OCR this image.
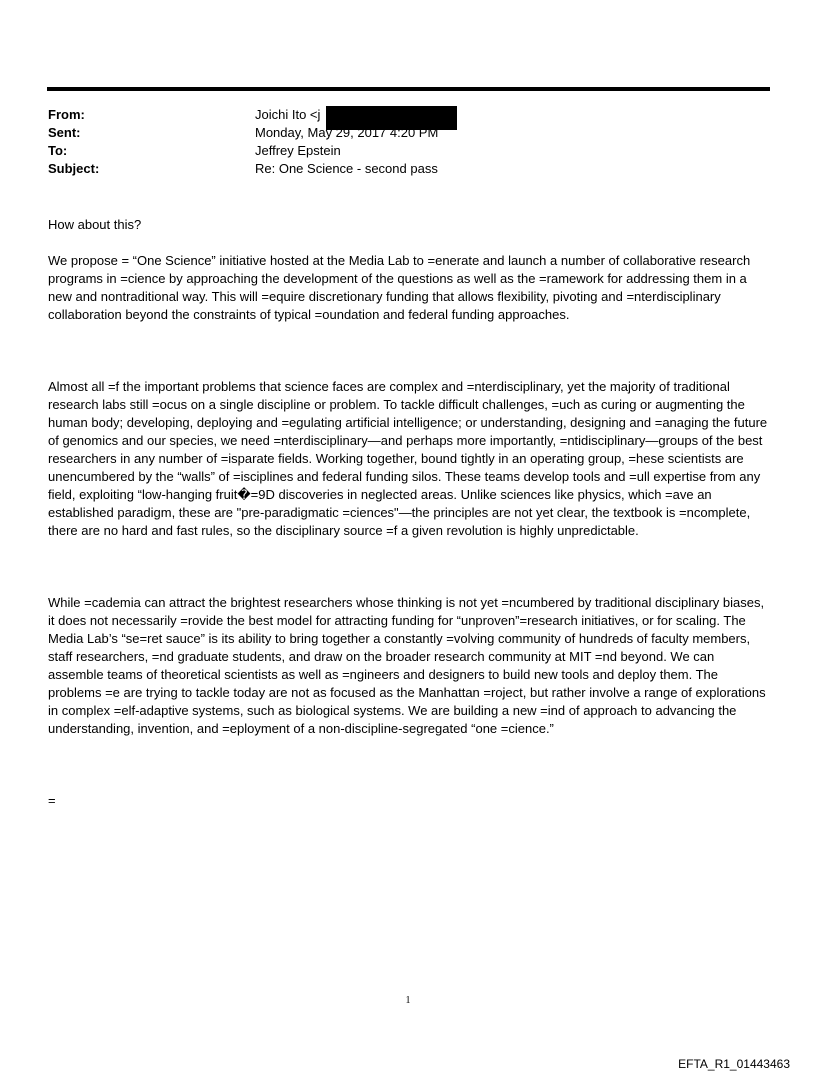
From:	Joichi Ito <j
Sent:	Monday, May 29, 2017 4:20 PM
To:	Jeffrey Epstein
Subject:	Re: One Science - second pass

How about this?

We propose = “One Science” initiative hosted at the Media Lab to =enerate and launch a number of collaborative research programs in =cience by approaching the development of the questions as well as the =ramework for addressing them in a new and nontraditional way. This will =equire discretionary funding that allows flexibility, pivoting and =nterdisciplinary collaboration beyond the constraints of typical =oundation and federal funding approaches.

Almost all =f the important problems that science faces are complex and =nterdisciplinary, yet the majority of traditional research labs still =ocus on a single discipline or problem. To tackle difficult challenges, =uch as curing or augmenting the human body; developing, deploying and =egulating artificial intelligence; or understanding, designing and =anaging the future of genomics and our species, we need =nterdisciplinary—and perhaps more importantly, =ntidisciplinary—groups of the best researchers in any number of =isparate fields. Working together, bound tightly in an operating group, =hese scientists are unencumbered by the “walls” of =isciplines and federal funding silos. These teams develop tools and =ull expertise from any field, exploiting “low-hanging fruit�=9D discoveries in neglected areas. Unlike sciences like physics, which =ave an established paradigm, these are "pre-paradigmatic =ciences"—the principles are not yet clear, the textbook is =ncomplete, there are no hard and fast rules, so the disciplinary source =f a given revolution is highly unpredictable.

While =cademia can attract the brightest researchers whose thinking is not yet =ncumbered by traditional disciplinary biases, it does not necessarily =rovide the best model for attracting funding for “unproven”=research initiatives, or for scaling. The Media Lab’s “se=ret sauce” is its ability to bring together a constantly =volving community of hundreds of faculty members, staff researchers, =nd graduate students, and draw on the broader research community at MIT =nd beyond. We can assemble teams of theoretical scientists as well as =ngineers and designers to build new tools and deploy them. The problems =e are trying to tackle today are not as focused as the Manhattan =roject, but rather involve a range of explorations in complex =elf-adaptive systems, such as biological systems. We are building a new =ind of approach to advancing the understanding, invention, and =eployment of a non-discipline-segregated “one =cience.”

=

1
EFTA_R1_01443463
